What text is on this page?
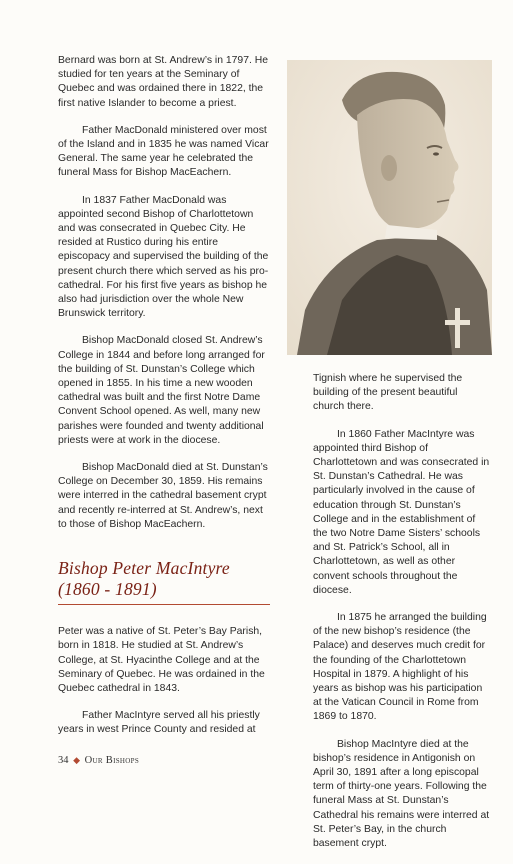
Bernard was born at St. Andrew’s in 1797. He studied for ten years at the Seminary of Quebec and was ordained there in 1822, the first native Islander to become a priest.

Father MacDonald ministered over most of the Island and in 1835 he was named Vicar General. The same year he celebrated the funeral Mass for Bishop MacEachern.

In 1837 Father MacDonald was appointed second Bishop of Charlottetown and was consecrated in Quebec City. He resided at Rustico during his entire episcopacy and supervised the building of the present church there which served as his pro-cathedral. For his first five years as bishop he also had jurisdiction over the whole New Brunswick territory.

Bishop MacDonald closed St. Andrew’s College in 1844 and before long arranged for the building of St. Dunstan’s College which opened in 1855. In his time a new wooden cathedral was built and the first Notre Dame Convent School opened. As well, many new parishes were founded and twenty additional priests were at work in the diocese.

Bishop MacDonald died at St. Dunstan’s College on December 30, 1859. His remains were interred in the cathedral basement crypt and recently re-interred at St. Andrew’s, next to those of Bishop MacEachern.

Bishop Peter MacIntyre
(1860 - 1891)

Peter was a native of St. Peter’s Bay Parish, born in 1818. He studied at St. Andrew’s College, at St. Hyacinthe College and at the Seminary of Quebec. He was ordained in the Quebec cathedral in 1843.

Father MacIntyre served all his priestly years in west Prince County and resided at

Tignish where he supervised the building of the present beautiful church there.

In 1860 Father MacIntyre was appointed third Bishop of Charlottetown and was consecrated in St. Dunstan’s Cathedral. He was particularly involved in the cause of education through St. Dunstan’s College and in the establishment of the two Notre Dame Sisters’ schools and St. Patrick’s School, all in Charlottetown, as well as other convent schools throughout the diocese.

In 1875 he arranged the building of the new bishop’s residence (the Palace) and deserves much credit for the founding of the Charlottetown Hospital in 1879. A highlight of his years as bishop was his participation at the Vatican Council in Rome from 1869 to 1870.

Bishop MacIntyre died at the bishop’s residence in Antigonish on April 30, 1891 after a long episcopal term of thirty-one years. Following the funeral Mass at St. Dunstan’s Cathedral his remains were interred at St. Peter’s Bay, in the church basement crypt.

34 ◆ Our Bishops
